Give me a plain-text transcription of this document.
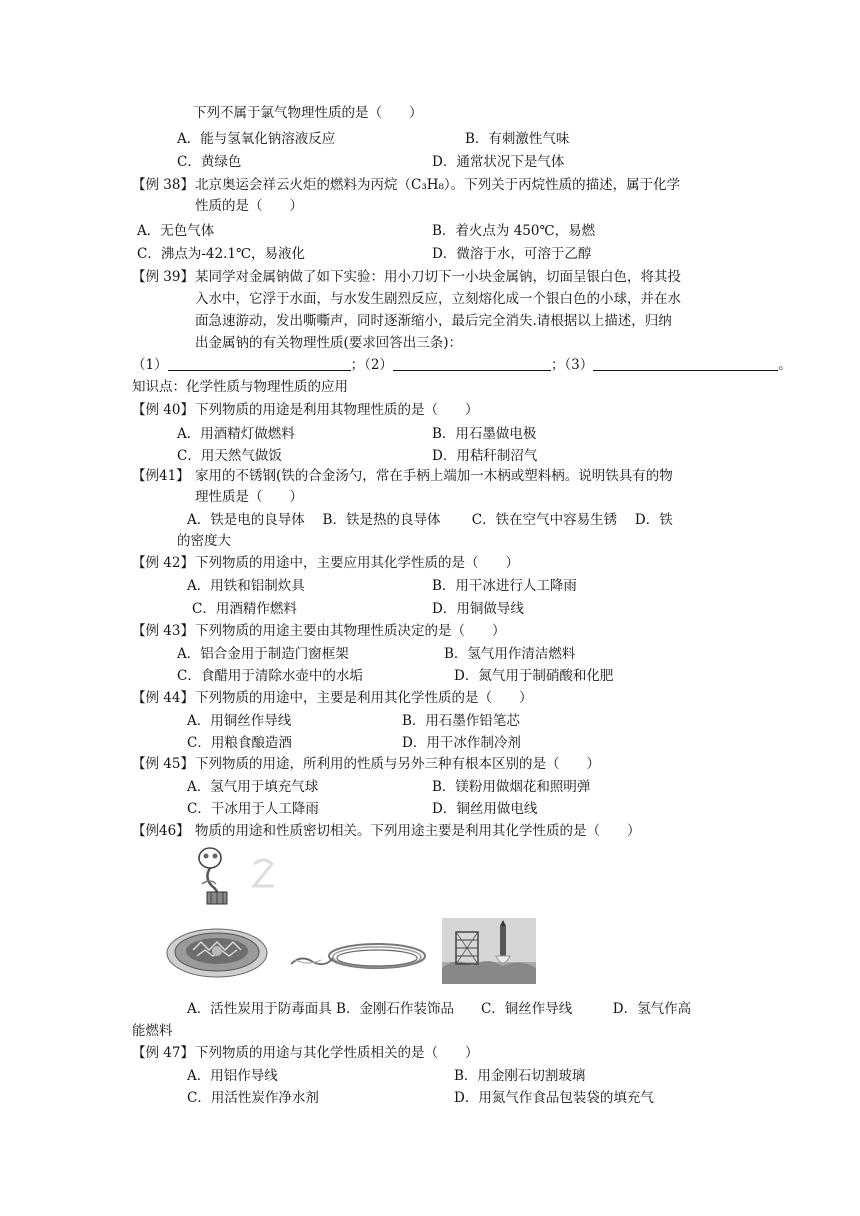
下列不属于氯气物理性质的是（　　）
A．能与氢氧化钠溶液反应	B．有刺激性气味
C．黄绿色	D．通常状况下是气体
【例 38】 北京奥运会祥云火炬的燃料为丙烷（C₃H₈）。下列关于丙烷性质的描述，属于化学
性质的是（　　）
A．无色气体	B．着火点为 450℃，易燃
C．沸点为-42.1℃，易液化	D．微溶于水，可溶于乙醇
【例 39】 某同学对金属钠做了如下实验：用小刀切下一小块金属钠，切面呈银白色，将其投
入水中，它浮于水面，与水发生剧烈反应，立刻熔化成一个银白色的小球，并在水
面急速游动，发出嘶嘶声，同时逐渐缩小，最后完全消失.请根据以上描述，归纳
出金属钠的有关物理性质(要求回答出三条)：
（1）	；（2）	；（3）	。
知识点：化学性质与物理性质的应用
【例 40】 下列物质的用途是利用其物理性质的是（　　）
A．用酒精灯做燃料	B．用石墨做电极
C．用天然气做饭	D．用秸秆制沼气
【例41】 家用的不锈钢(铁的合金汤勺，常在手柄上端加一木柄或塑料柄。说明铁具有的物
理性质是（　　）
A．铁是电的良导体　 B．铁是热的良导体　　 C．铁在空气中容易生锈　 D．铁
的密度大
【例 42】 下列物质的用途中，主要应用其化学性质的是（　　）
A．用铁和铝制炊具	B．用干冰进行人工降雨
C．用酒精作燃料	D．用铜做导线
【例 43】 下列物质的用途主要由其物理性质决定的是（　　）
A．铝合金用于制造门窗框架	B．氢气用作清洁燃料
C．食醋用于清除水壶中的水垢	D．氮气用于制硝酸和化肥
【例 44】 下列物质的用途中，主要是利用其化学性质的是（　　）
A．用铜丝作导线	B．用石墨作铅笔芯
C．用粮食酿造酒	D．用干冰作制冷剂
【例 45】 下列物质的用途，所利用的性质与另外三种有根本区别的是（　　）
A．氢气用于填充气球	B．镁粉用做烟花和照明弹
C．干冰用于人工降雨	D．铜丝用做电线
【例46】 物质的用途和性质密切相关。下列用途主要是利用其化学性质的是（　　）
A．活性炭用于防毒面具 B．金刚石作装饰品　　C．铜丝作导线　　　D．氢气作高
能燃料
【例 47】 下列物质的用途与其化学性质相关的是（　　）
A．用铝作导线	B．用金刚石切割玻璃
C．用活性炭作净水剂	D．用氮气作食品包装袋的填充气
